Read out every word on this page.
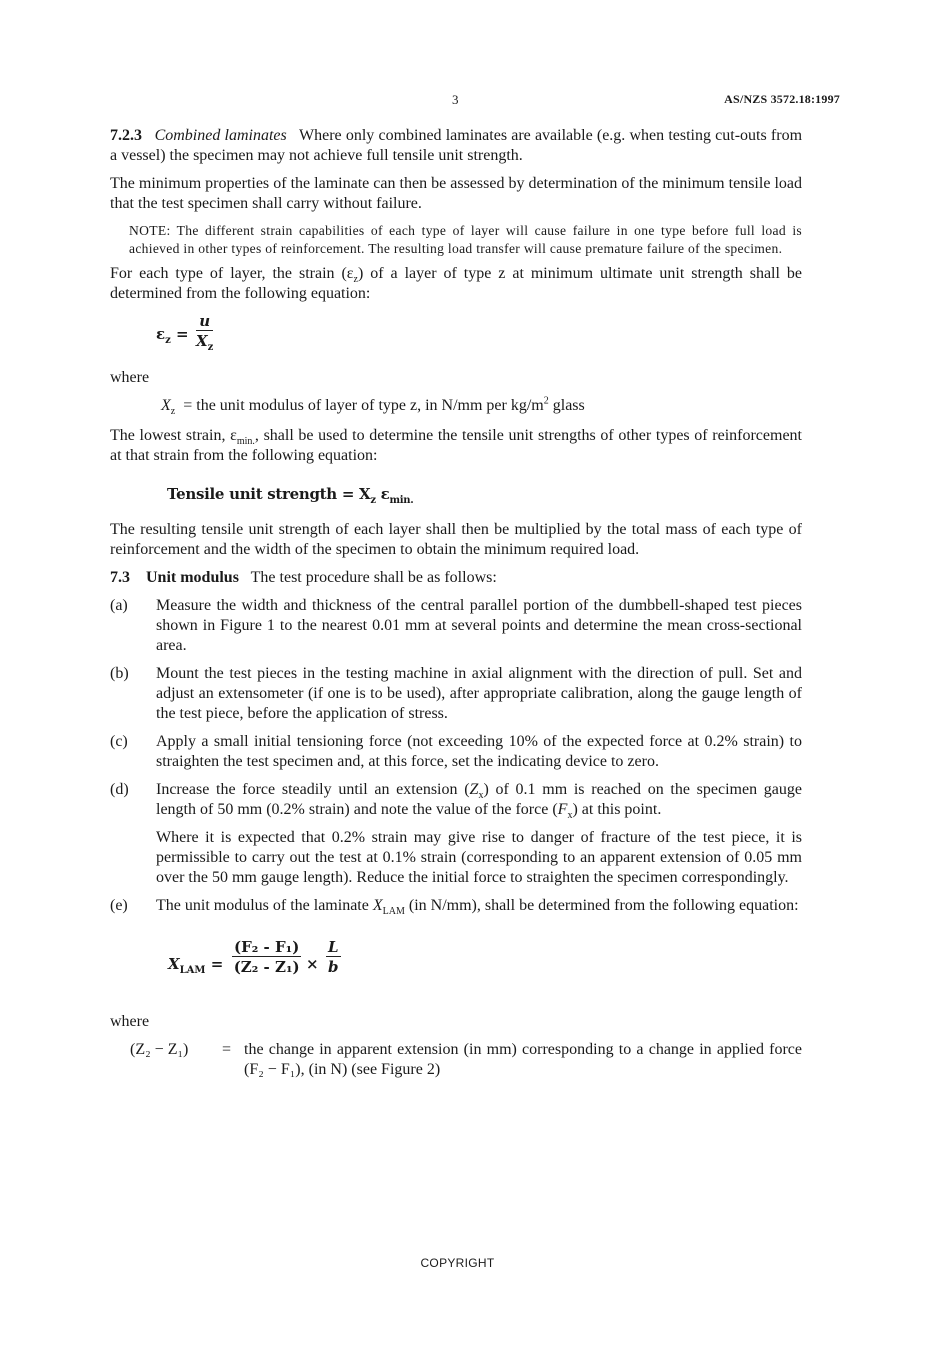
3	AS/NZS 3572.18:1997

7.2.3 Combined laminates Where only combined laminates are available (e.g. when testing cut-outs from a vessel) the specimen may not achieve full tensile unit strength.

The minimum properties of the laminate can then be assessed by determination of the minimum tensile load that the test specimen shall carry without failure.

NOTE: The different strain capabilities of each type of layer will cause failure in one type before full load is achieved in other types of reinforcement. The resulting load transfer will cause premature failure of the specimen.

For each type of layer, the strain $(\varepsilon_z)$ of a layer of type z at minimum ultimate unit strength shall be determined from the following equation:

$\varepsilon_z = \frac{u}{X_z}$

where

$X_z$ = the unit modulus of layer of type z, in N/mm per $kg/m^2$ glass

The lowest strain, $\varepsilon_{min.}$, shall be used to determine the tensile unit strengths of other types of reinforcement at that strain from the following equation:

Tensile unit strength = $X_z$ $\varepsilon_{min.}$

The resulting tensile unit strength of each layer shall then be multiplied by the total mass of each type of reinforcement and the width of the specimen to obtain the minimum required load.

7.3 Unit modulus The test procedure shall be as follows:

(a)	Measure the width and thickness of the central parallel portion of the dumbbell-shaped test pieces shown in Figure 1 to the nearest 0.01 mm at several points and determine the mean cross-sectional area.
(b)	Mount the test pieces in the testing machine in axial alignment with the direction of pull. Set and adjust an extensometer (if one is to be used), after appropriate calibration, along the gauge length of the test piece, before the application of stress.
(c)	Apply a small initial tensioning force (not exceeding 10% of the expected force at 0.2% strain) to straighten the test specimen and, at this force, set the indicating device to zero.
(d)	Increase the force steadily until an extension $(Z_x)$ of 0.1 mm is reached on the specimen gauge length of 50 mm (0.2% strain) and note the value of the force $(F_x)$ at this point.

Where it is expected that 0.2% strain may give rise to danger of fracture of the test piece, it is permissible to carry out the test at 0.1% strain (corresponding to an apparent extension of 0.05 mm over the 50 mm gauge length). Reduce the initial force to straighten the specimen correspondingly.

(e)	The unit modulus of the laminate $X_{LAM}$ (in N/mm), shall be determined from the following equation:
$X_{LAM} = \frac{\text{(F₂ - F₁)}}{\text{(Z₂ - Z₁)}} \times \frac{L}{b}$

where

(Z₂ − Z₁)	= the change in apparent extension (in mm) corresponding to a change in applied force (F₂ − F₁), (in N) (see Figure 2)
COPYRIGHT
